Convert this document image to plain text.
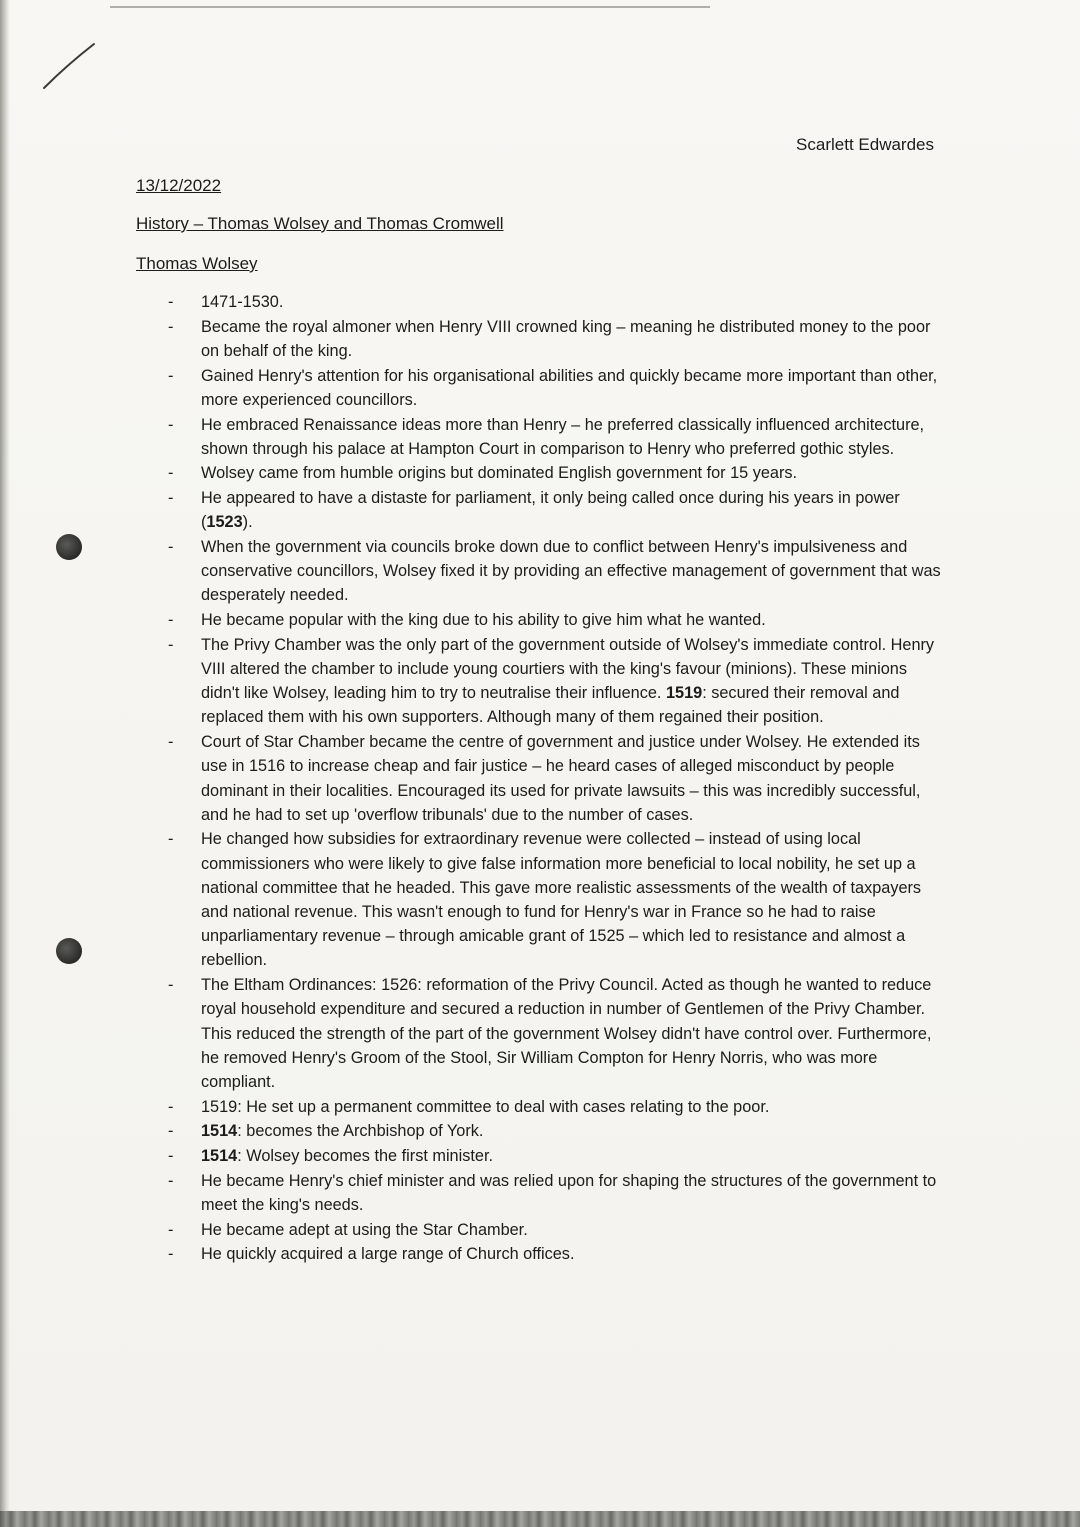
Scarlett Edwardes
13/12/2022
History – Thomas Wolsey and Thomas Cromwell
Thomas Wolsey
- 1471-1530.
- Became the royal almoner when Henry VIII crowned king – meaning he distributed money to the poor on behalf of the king.
- Gained Henry's attention for his organisational abilities and quickly became more important than other, more experienced councillors.
- He embraced Renaissance ideas more than Henry – he preferred classically influenced architecture, shown through his palace at Hampton Court in comparison to Henry who preferred gothic styles.
- Wolsey came from humble origins but dominated English government for 15 years.
- He appeared to have a distaste for parliament, it only being called once during his years in power (1523).
- When the government via councils broke down due to conflict between Henry's impulsiveness and conservative councillors, Wolsey fixed it by providing an effective management of government that was desperately needed.
- He became popular with the king due to his ability to give him what he wanted.
- The Privy Chamber was the only part of the government outside of Wolsey's immediate control. Henry VIII altered the chamber to include young courtiers with the king's favour (minions). These minions didn't like Wolsey, leading him to try to neutralise their influence. 1519: secured their removal and replaced them with his own supporters. Although many of them regained their position.
- Court of Star Chamber became the centre of government and justice under Wolsey. He extended its use in 1516 to increase cheap and fair justice – he heard cases of alleged misconduct by people dominant in their localities. Encouraged its used for private lawsuits – this was incredibly successful, and he had to set up 'overflow tribunals' due to the number of cases.
- He changed how subsidies for extraordinary revenue were collected – instead of using local commissioners who were likely to give false information more beneficial to local nobility, he set up a national committee that he headed. This gave more realistic assessments of the wealth of taxpayers and national revenue. This wasn't enough to fund for Henry's war in France so he had to raise unparliamentary revenue – through amicable grant of 1525 – which led to resistance and almost a rebellion.
- The Eltham Ordinances: 1526: reformation of the Privy Council. Acted as though he wanted to reduce royal household expenditure and secured a reduction in number of Gentlemen of the Privy Chamber. This reduced the strength of the part of the government Wolsey didn't have control over. Furthermore, he removed Henry's Groom of the Stool, Sir William Compton for Henry Norris, who was more compliant.
- 1519: He set up a permanent committee to deal with cases relating to the poor.
- 1514: becomes the Archbishop of York.
- 1514: Wolsey becomes the first minister.
- He became Henry's chief minister and was relied upon for shaping the structures of the government to meet the king's needs.
- He became adept at using the Star Chamber.
- He quickly acquired a large range of Church offices.
